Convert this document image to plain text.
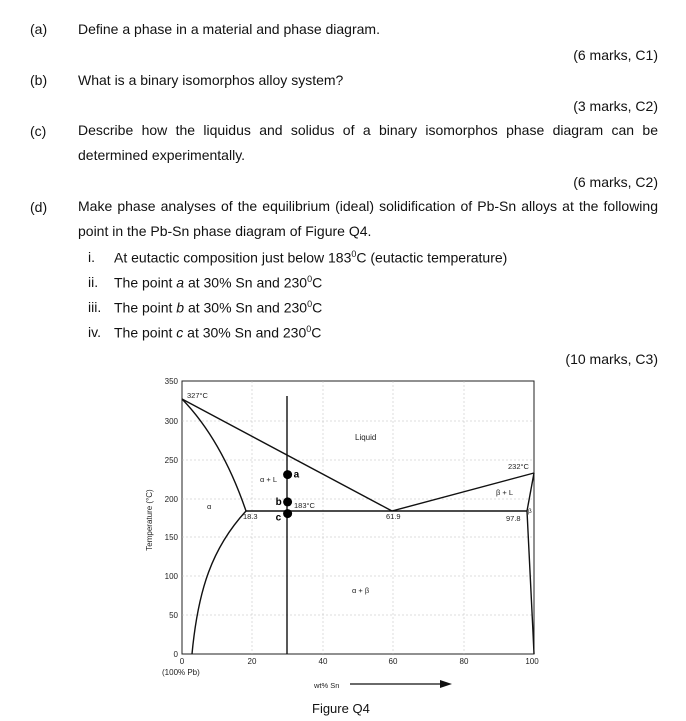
(a) Define a phase in a material and phase diagram.
(6 marks, C1)
(b) What is a binary isomorphos alloy system?
(3 marks, C2)
(c) Describe how the liquidus and solidus of a binary isomorphos phase diagram can be determined experimentally.
(6 marks, C2)
(d) Make phase analyses of the equilibrium (ideal) solidification of Pb-Sn alloys at the following point in the Pb-Sn phase diagram of Figure Q4.
i. At eutactic composition just below $183^0C$ (eutactic temperature)
ii. The point a at 30% Sn and $230^0C$
iii. The point b at 30% Sn and $230^0C$
iv. The point c at 30% Sn and $230^0C$
(10 marks, C3)
350
300
250
200
150
100
50
0
0	20	40	60	80	100
(100% Pb)
wt% Sn
Temperature (°C)
327°C
232°C
183°C
Liquid
α
α + L
β + L
α + β
β
18.3	61.9	97.8
a
b
c
Figure Q4
